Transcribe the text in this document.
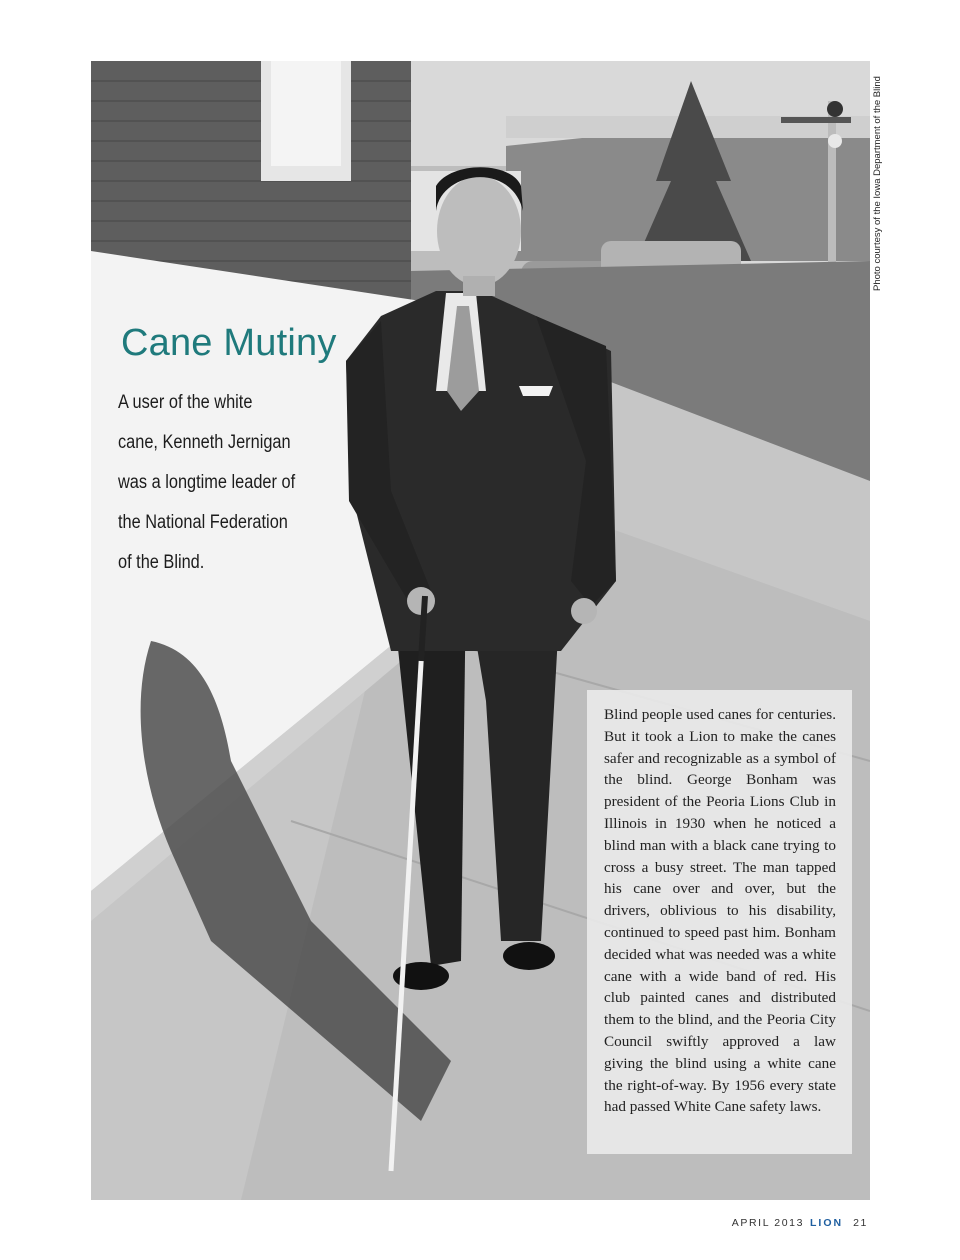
Photo courtesy of the Iowa Department of the Blind
Cane Mutiny
A user of the white
cane, Kenneth Jernigan
was a longtime leader of
the National Federation
of the Blind.

Blind people used canes for centuries. But it took a Lion to make the canes safer and recognizable as a symbol of the blind. George Bonham was president of the Peoria Lions Club in Illinois in 1930 when he noticed a blind man with a black cane trying to cross a busy street. The man tapped his cane over and over, but the drivers, oblivious to his disability, continued to speed past him. Bonham decided what was needed was a white cane with a wide band of red. His club painted canes and distributed them to the blind, and the Peoria City Council swiftly approved a law giving the blind using a white cane the right-of-way. By 1956 every state had passed White Cane safety laws.

APRIL 2013 LION 21
